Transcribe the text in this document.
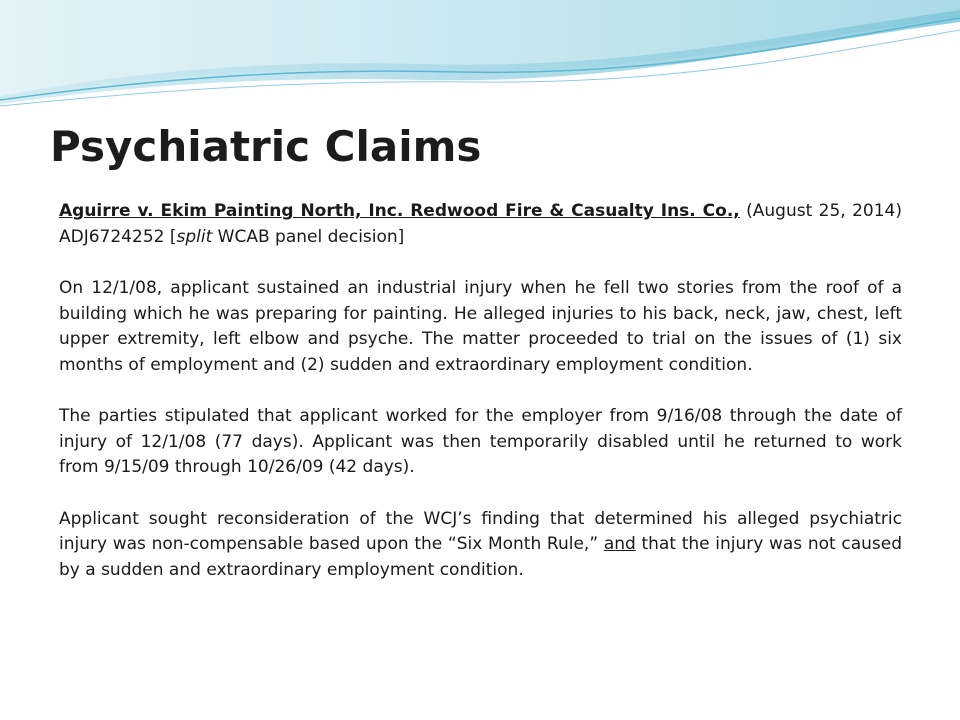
Psychiatric Claims

Aguirre v. Ekim Painting North, Inc. Redwood Fire & Casualty Ins. Co., (August 25, 2014) ADJ6724252 [split WCAB panel decision]

On 12/1/08, applicant sustained an industrial injury when he fell two stories from the roof of a building which he was preparing for painting. He alleged injuries to his back, neck, jaw, chest, left upper extremity, left elbow and psyche. The matter proceeded to trial on the issues of (1) six months of employment and (2) sudden and extraordinary employment condition.

The parties stipulated that applicant worked for the employer from 9/16/08 through the date of injury of 12/1/08 (77 days). Applicant was then temporarily disabled until he returned to work from 9/15/09 through 10/26/09 (42 days).

Applicant sought reconsideration of the WCJ’s finding that determined his alleged psychiatric injury was non-compensable based upon the “Six Month Rule,” and that the injury was not caused by a sudden and extraordinary employment condition.
